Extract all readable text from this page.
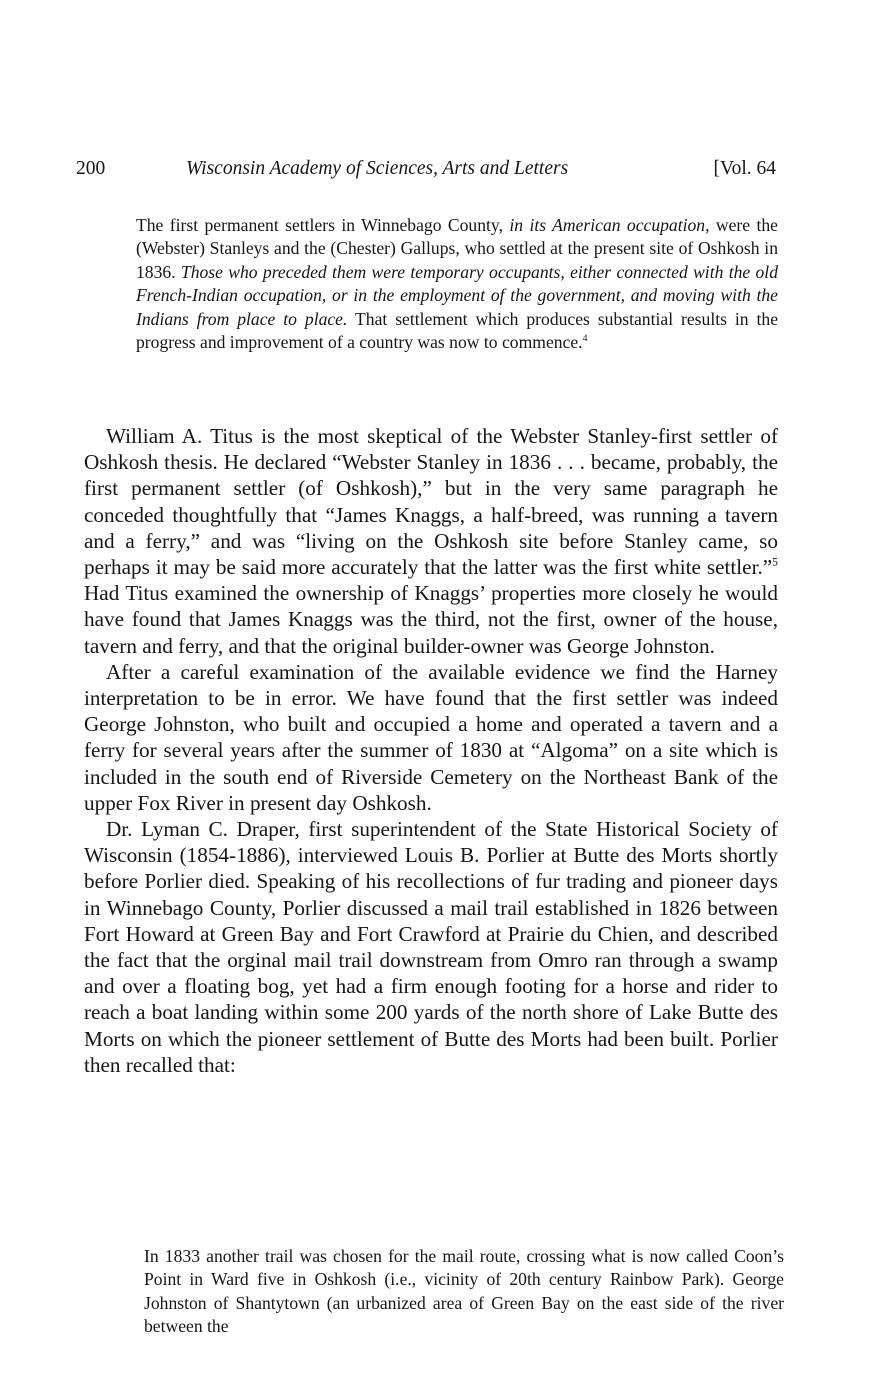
200	Wisconsin Academy of Sciences, Arts and Letters	[Vol. 64
The first permanent settlers in Winnebago County, in its American occupation, were the (Webster) Stanleys and the (Chester) Gallups, who settled at the present site of Oshkosh in 1836. Those who preceded them were temporary occupants, either connected with the old French-Indian occupation, or in the employment of the government, and moving with the Indians from place to place. That settlement which produces substantial results in the progress and improvement of a country was now to commence.$^4$

William A. Titus is the most skeptical of the Webster Stanley-first settler of Oshkosh thesis. He declared “Webster Stanley in 1836 . . . became, probably, the first permanent settler (of Oshkosh),” but in the very same paragraph he conceded thoughtfully that “James Knaggs, a half-breed, was running a tavern and a ferry,” and was “living on the Oshkosh site before Stanley came, so perhaps it may be said more accurately that the latter was the first white settler.”$^5$ Had Titus examined the ownership of Knaggs’ properties more closely he would have found that James Knaggs was the third, not the first, owner of the house, tavern and ferry, and that the original builder-owner was George Johnston.

After a careful examination of the available evidence we find the Harney interpretation to be in error. We have found that the first settler was indeed George Johnston, who built and occupied a home and operated a tavern and a ferry for several years after the summer of 1830 at “Algoma” on a site which is included in the south end of Riverside Cemetery on the Northeast Bank of the upper Fox River in present day Oshkosh.

Dr. Lyman C. Draper, first superintendent of the State Historical Society of Wisconsin (1854-1886), interviewed Louis B. Porlier at Butte des Morts shortly before Porlier died. Speaking of his recollections of fur trading and pioneer days in Winnebago County, Porlier discussed a mail trail established in 1826 between Fort Howard at Green Bay and Fort Crawford at Prairie du Chien, and described the fact that the orginal mail trail downstream from Omro ran through a swamp and over a floating bog, yet had a firm enough footing for a horse and rider to reach a boat landing within some 200 yards of the north shore of Lake Butte des Morts on which the pioneer settlement of Butte des Morts had been built. Porlier then recalled that:

In 1833 another trail was chosen for the mail route, crossing what is now called Coon’s Point in Ward five in Oshkosh (i.e., vicinity of 20th century Rainbow Park). George Johnston of Shantytown (an urbanized area of Green Bay on the east side of the river between the
